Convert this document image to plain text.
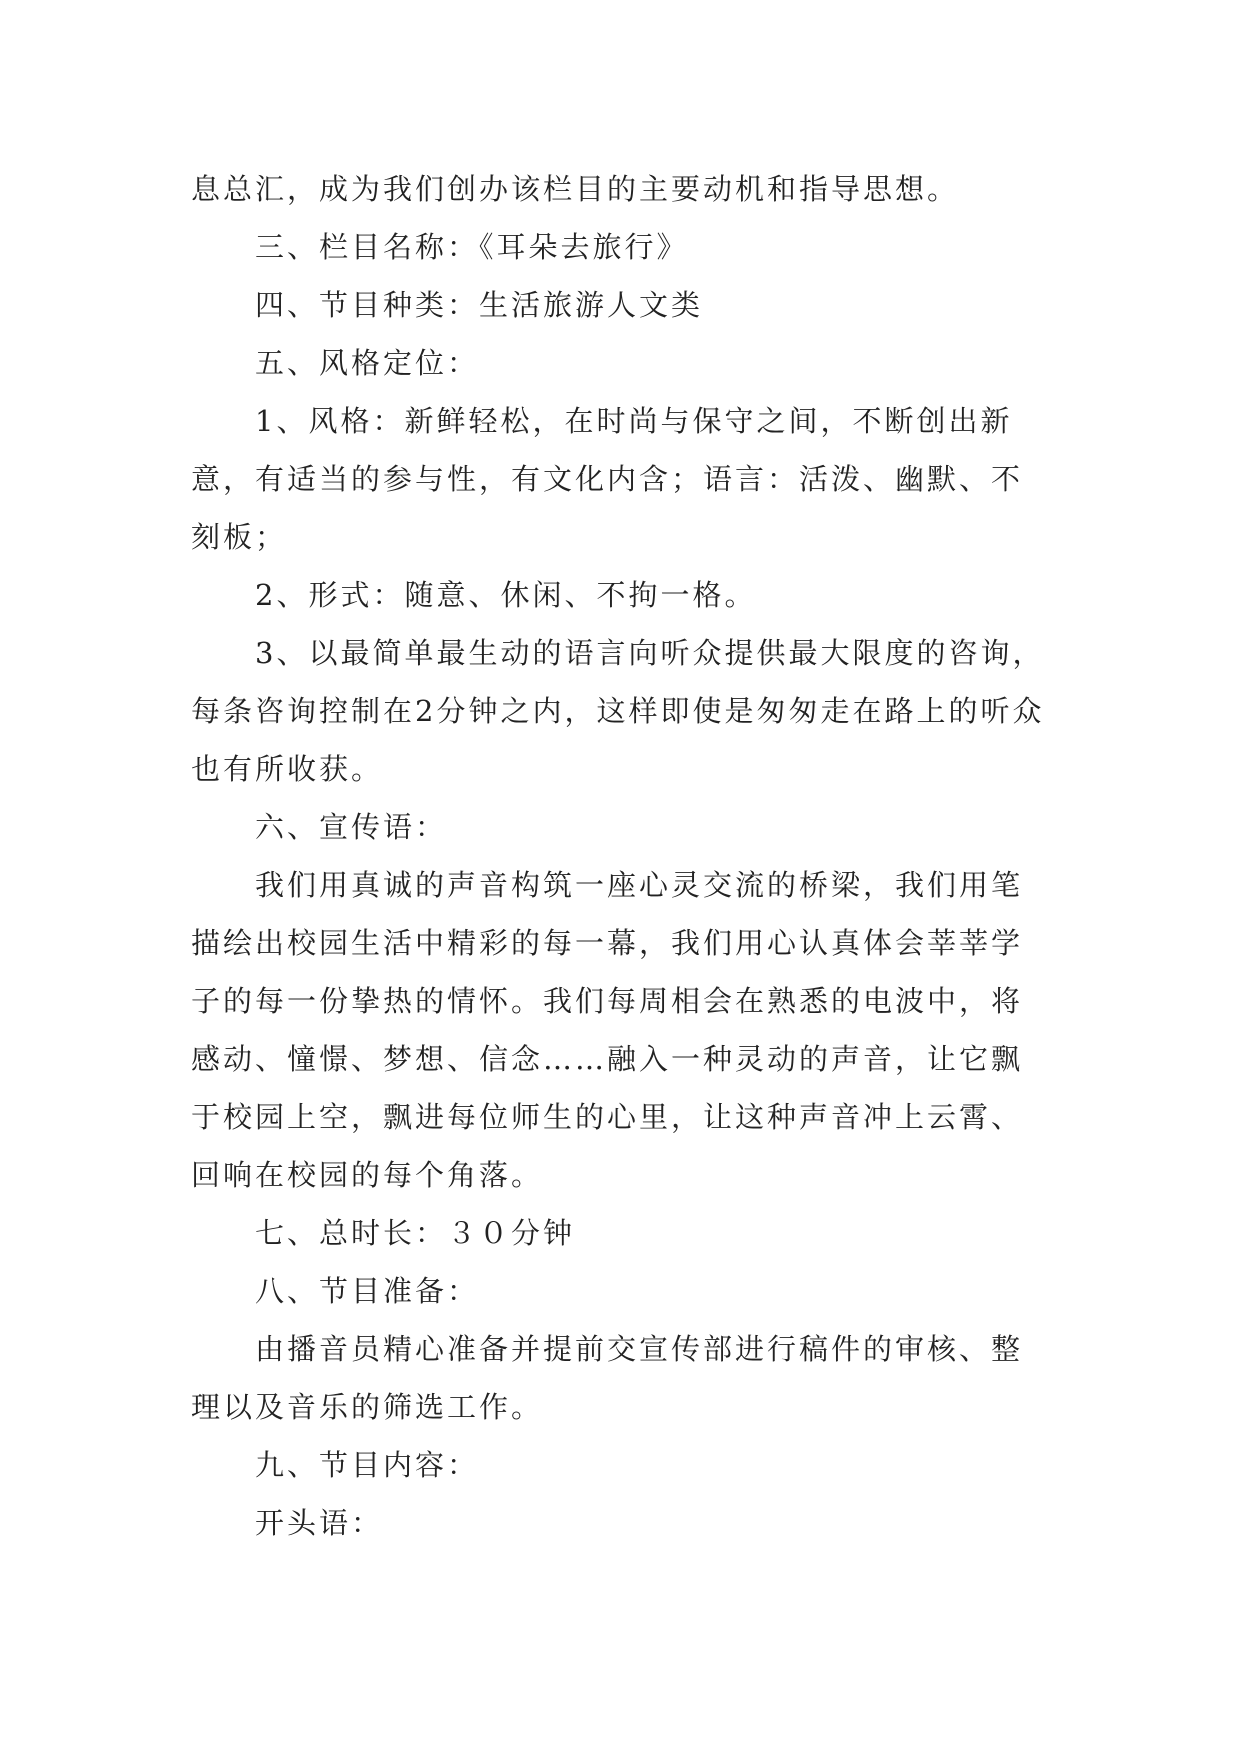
息总汇，成为我们创办该栏目的主要动机和指导思想。

三、栏目名称：《耳朵去旅行》

四、节目种类：生活旅游人文类

五、风格定位：

1、风格：新鲜轻松，在时尚与保守之间，不断创出新意，有适当的参与性，有文化内含；语言：活泼、幽默、不刻板；

2、形式：随意、休闲、不拘一格。

3、以最简单最生动的语言向听众提供最大限度的咨询，每条咨询控制在2分钟之内，这样即使是匆匆走在路上的听众也有所收获。

六、宣传语：

我们用真诚的声音构筑一座心灵交流的桥梁，我们用笔描绘出校园生活中精彩的每一幕，我们用心认真体会莘莘学子的每一份挚热的情怀。我们每周相会在熟悉的电波中，将感动、憧憬、梦想、信念……融入一种灵动的声音，让它飘于校园上空，飘进每位师生的心里，让这种声音冲上云霄、回响在校园的每个角落。

七、总时长：３０分钟

八、节目准备：

由播音员精心准备并提前交宣传部进行稿件的审核、整理以及音乐的筛选工作。

九、节目内容：

开头语：
